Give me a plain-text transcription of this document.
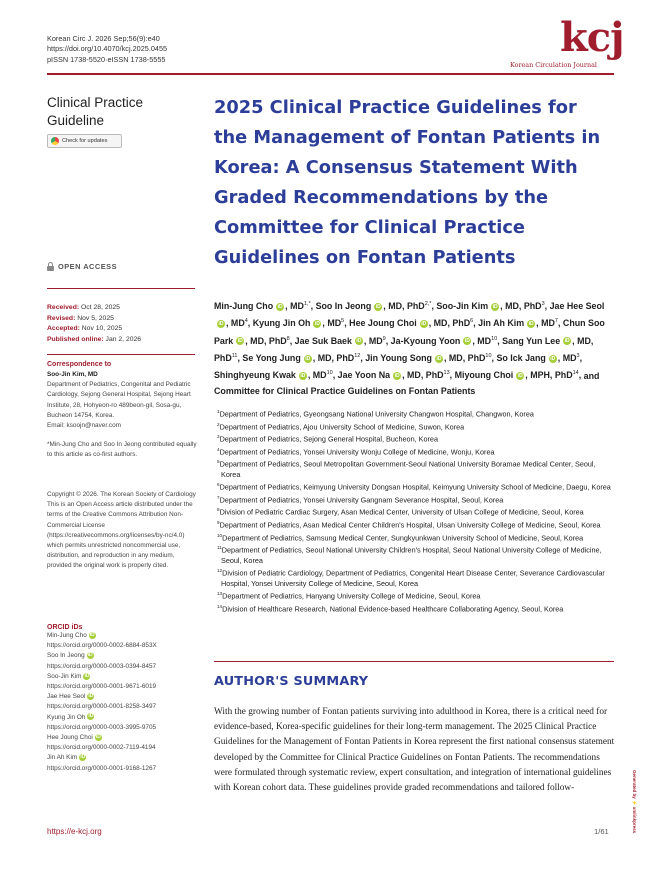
Korean Circ J. 2026 Sep;56(9):e40
https://doi.org/10.4070/kcj.2025.0455
pISSN 1738-5520·eISSN 1738-5555	kcj
Korean Circulation Journal
Clinical Practice Guideline
Check for updates
OPEN ACCESS
Received: Oct 28, 2025
Revised: Nov 5, 2025
Accepted: Nov 10, 2025
Published online: Jan 2, 2026
Correspondence to
Soo-Jin Kim, MD
Department of Pediatrics, Congenital and Pediatric Cardiology, Sejong General Hospital, Sejong Heart Institute, 28, Hohyeon-ro 489beon-gil, Sosa-gu, Bucheon 14754, Korea.
Email: ksoojn@naver.com
*Min-Jung Cho and Soo In Jeong contributed equally to this article as co-first authors.
Copyright © 2026. The Korean Society of Cardiology
This is an Open Access article distributed under the terms of the Creative Commons Attribution Non-Commercial License (https://creativecommons.org/licenses/by-nc/4.0) which permits unrestricted noncommercial use, distribution, and reproduction in any medium, provided the original work is properly cited.
ORCID iDs
Min-Jung Cho iD
https://orcid.org/0000-0002-6884-853X
Soo In Jeong iD
https://orcid.org/0000-0003-0394-8457
Soo-Jin Kim iD
https://orcid.org/0000-0001-9671-6019
Jae Hee Seol iD
https://orcid.org/0000-0001-8258-3497
Kyung Jin Oh iD
https://orcid.org/0000-0003-3995-9705
Hee Joung Choi iD
https://orcid.org/0000-0002-7119-4194
Jin Ah Kim iD
https://orcid.org/0000-0001-9168-1267
2025 Clinical Practice Guidelines for the Management of Fontan Patients in Korea: A Consensus Statement With Graded Recommendations by the Committee for Clinical Practice Guidelines on Fontan Patients
Min-Jung Cho iD , $MD^{1,*}$, Soo In Jeong iD , MD, PhD$^{2,*}$, Soo-Jin Kim iD , MD, PhD$^3$, Jae Hee SeoliD , $MD^4$, Kyung Jin Oh iD , $MD^5$, Hee Joung Choi iD , MD, PhD$^6$, Jin Ah Kim iD , $MD^7$, Chun Soo Park iD , MD, PhD$^8$, Jae Suk Baek iD , $MD^9$, Ja-Kyoung Yoon iD , MD$^{10}$, Sang Yun Lee iD , MD, PhD$^{11}$, Se Yong Jung iD , MD, PhD$^{12}$, Jin Young Song iD , MD, PhD$^{10}$, So Ick Jang iD , $MD^3$, Shinghyeung Kwak iD , MD$^{10}$, Jae Yoon Na iD , MD, PhD$^{13}$, Miyoung Choi iD , MPH, PhD$^{14}$, and Committee for Clinical Practice Guidelines on Fontan Patients
$^1$Department of Pediatrics, Gyeongsang National University Changwon Hospital, Changwon, Korea
$^2$Department of Pediatrics, Ajou University School of Medicine, Suwon, Korea
$^3$Department of Pediatrics, Sejong General Hospital, Bucheon, Korea
$^4$Department of Pediatrics, Yonsei University Wonju College of Medicine, Wonju, Korea
$^5$Department of Pediatrics, Seoul Metropolitan Government-Seoul National University Boramae Medical Center, Seoul, Korea
$^6$Department of Pediatrics, Keimyung University Dongsan Hospital, Keimyung University School of Medicine, Daegu, Korea
$^7$Department of Pediatrics, Yonsei University Gangnam Severance Hospital, Seoul, Korea
$^8$Division of Pediatric Cardiac Surgery, Asan Medical Center, University of Ulsan College of Medicine, Seoul, Korea
$^9$Department of Pediatrics, Asan Medical Center Children's Hospital, Ulsan University College of Medicine, Seoul, Korea
$^{10}$Department of Pediatrics, Samsung Medical Center, Sungkyunkwan University School of Medicine, Seoul, Korea
$^{11}$Department of Pediatrics, Seoul National University Children's Hospital, Seoul National University College of Medicine, Seoul, Korea
$^{12}$Division of Pediatric Cardiology, Department of Pediatrics, Congenital Heart Disease Center, Severance Cardiovascular Hospital, Yonsei University College of Medicine, Seoul, Korea
$^{13}$Department of Pediatrics, Hanyang University College of Medicine, Seoul, Korea
$^{14}$Division of Healthcare Research, National Evidence-based Healthcare Collaborating Agency, Seoul, Korea
AUTHOR'S SUMMARY
With the growing number of Fontan patients surviving into adulthood in Korea, there is a critical need for evidence-based, Korea-specific guidelines for their long-term management. The 2025 Clinical Practice Guidelines for the Management of Fontan Patients in Korea represent the first national consensus statement developed by the Committee for Clinical Practice Guidelines on Fontan Patients. The recommendations were formulated through systematic review, expert consultation, and integration of international guidelines with Korean cohort data. These guidelines provide graded recommendations and tailored follow-
https://e-kcj.org	1/61	Generated by ⚡ xmlinkpress
